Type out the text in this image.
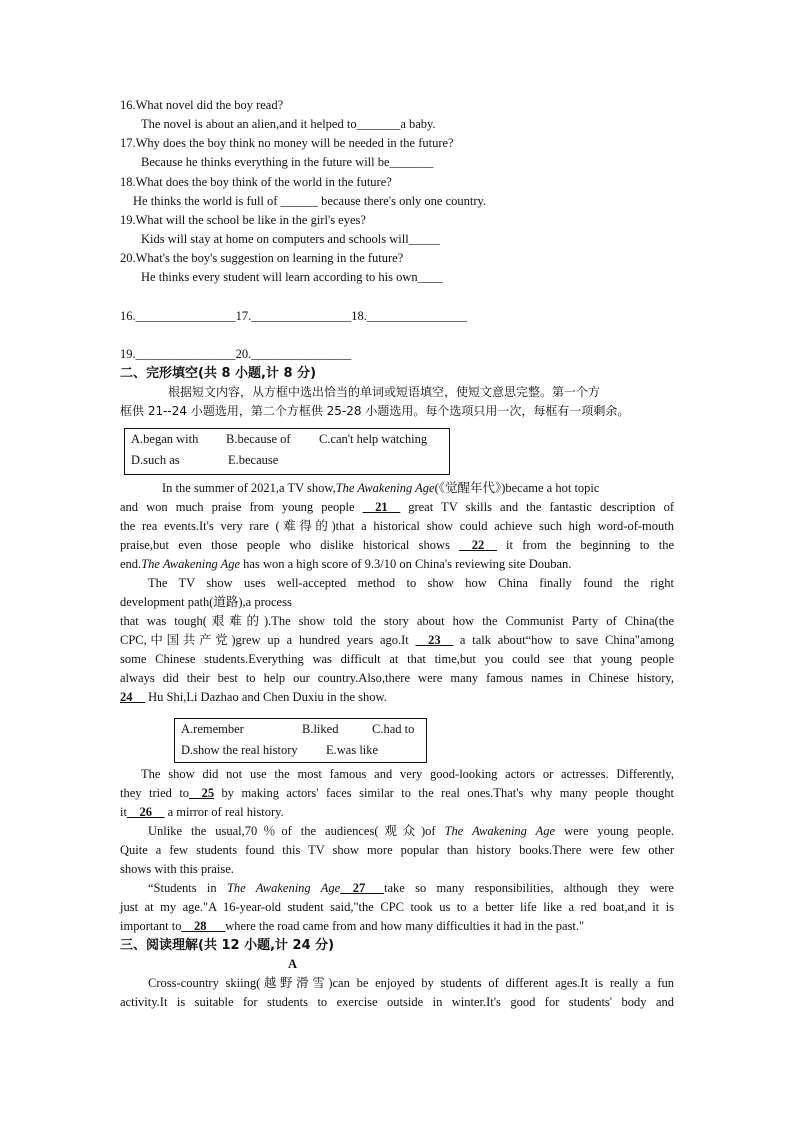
16.What novel did the boy read?
The novel is about an alien,and it helped to_______a baby.
17.Why does the boy think no money will be needed in the future?
Because he thinks everything in the future will be_______
18.What does the boy think of the world in the future?
He thinks the world is full of ______ because there's only one country.
19.What will the school be like in the girl's eyes?
Kids will stay at home on computers and schools will_____
20.What's the boy's suggestion on learning in the future?
He thinks every student will learn according to his own____
16.________________17.________________18.________________
19.________________20.________________
二、完形填空(共 8 小题,计 8 分)
根据短文内容，从方框中选出恰当的单词或短语填空，使短文意思完整。第一个方
框供 21--24 小题选用，第二个方框供 25-28 小题选用。每个选项只用一次，每框有一项剩余。
A.began with B.because of C.can't help watching
D.such as	E.because
In the summer of 2021,a TV show,The Awakening Age(《觉醒年代》)became a hot topic
and won much praise from young people __21__ great TV skills and the fantastic description of
the rea events.It's very rare (难得的)that a historical show could achieve such high word-of-mouth
praise,but even those people who dislike historical shows __22__ it from the beginning to the
end.The Awakening Age has won a high score of 9.3/10 on China's reviewing site Douban.
The TV show uses well-accepted method to show how China finally found the right
development path(道路),a process
that was tough(艰难的).The show told the story about how the Communist Party of China(the
CPC,中国共产党)grew up a hundred years ago.It __23__ a talk about“how to save China"among
some Chinese students.Everything was difficult at that time,but you could see that young people
always did their best to help our country.Also,there were many famous names in Chinese history,
24__ Hu Shi,Li Dazhao and Chen Duxiu in the show.
A.remember	B.liked	C.had to
D.show the real history E.was like
The show did not use the most famous and very good-looking actors or actresses. Differently,
they tried to__25 by making actors' faces similar to the real ones.That's why many people thought
it__26__ a mirror of real history.
Unlike the usual,70％of the audiences(观众)of The Awakening Age were young people.
Quite a few students found this TV show more popular than history books.There were few other
shows with this praise.
“Students in The Awakening Age__27___take so many responsibilities, although they were
just at my age."A 16-year-old student said,"the CPC took us to a better life like a red boat,and it is
important to__28___where the road came from and how many difficulties it had in the past."
三、阅读理解(共 12 小题,计 24 分)
A
Cross-country skiing(越野滑雪)can be enjoyed by students of different ages.It is really a fun
activity.It is suitable for students to exercise outside in winter.It's good for students' body and
